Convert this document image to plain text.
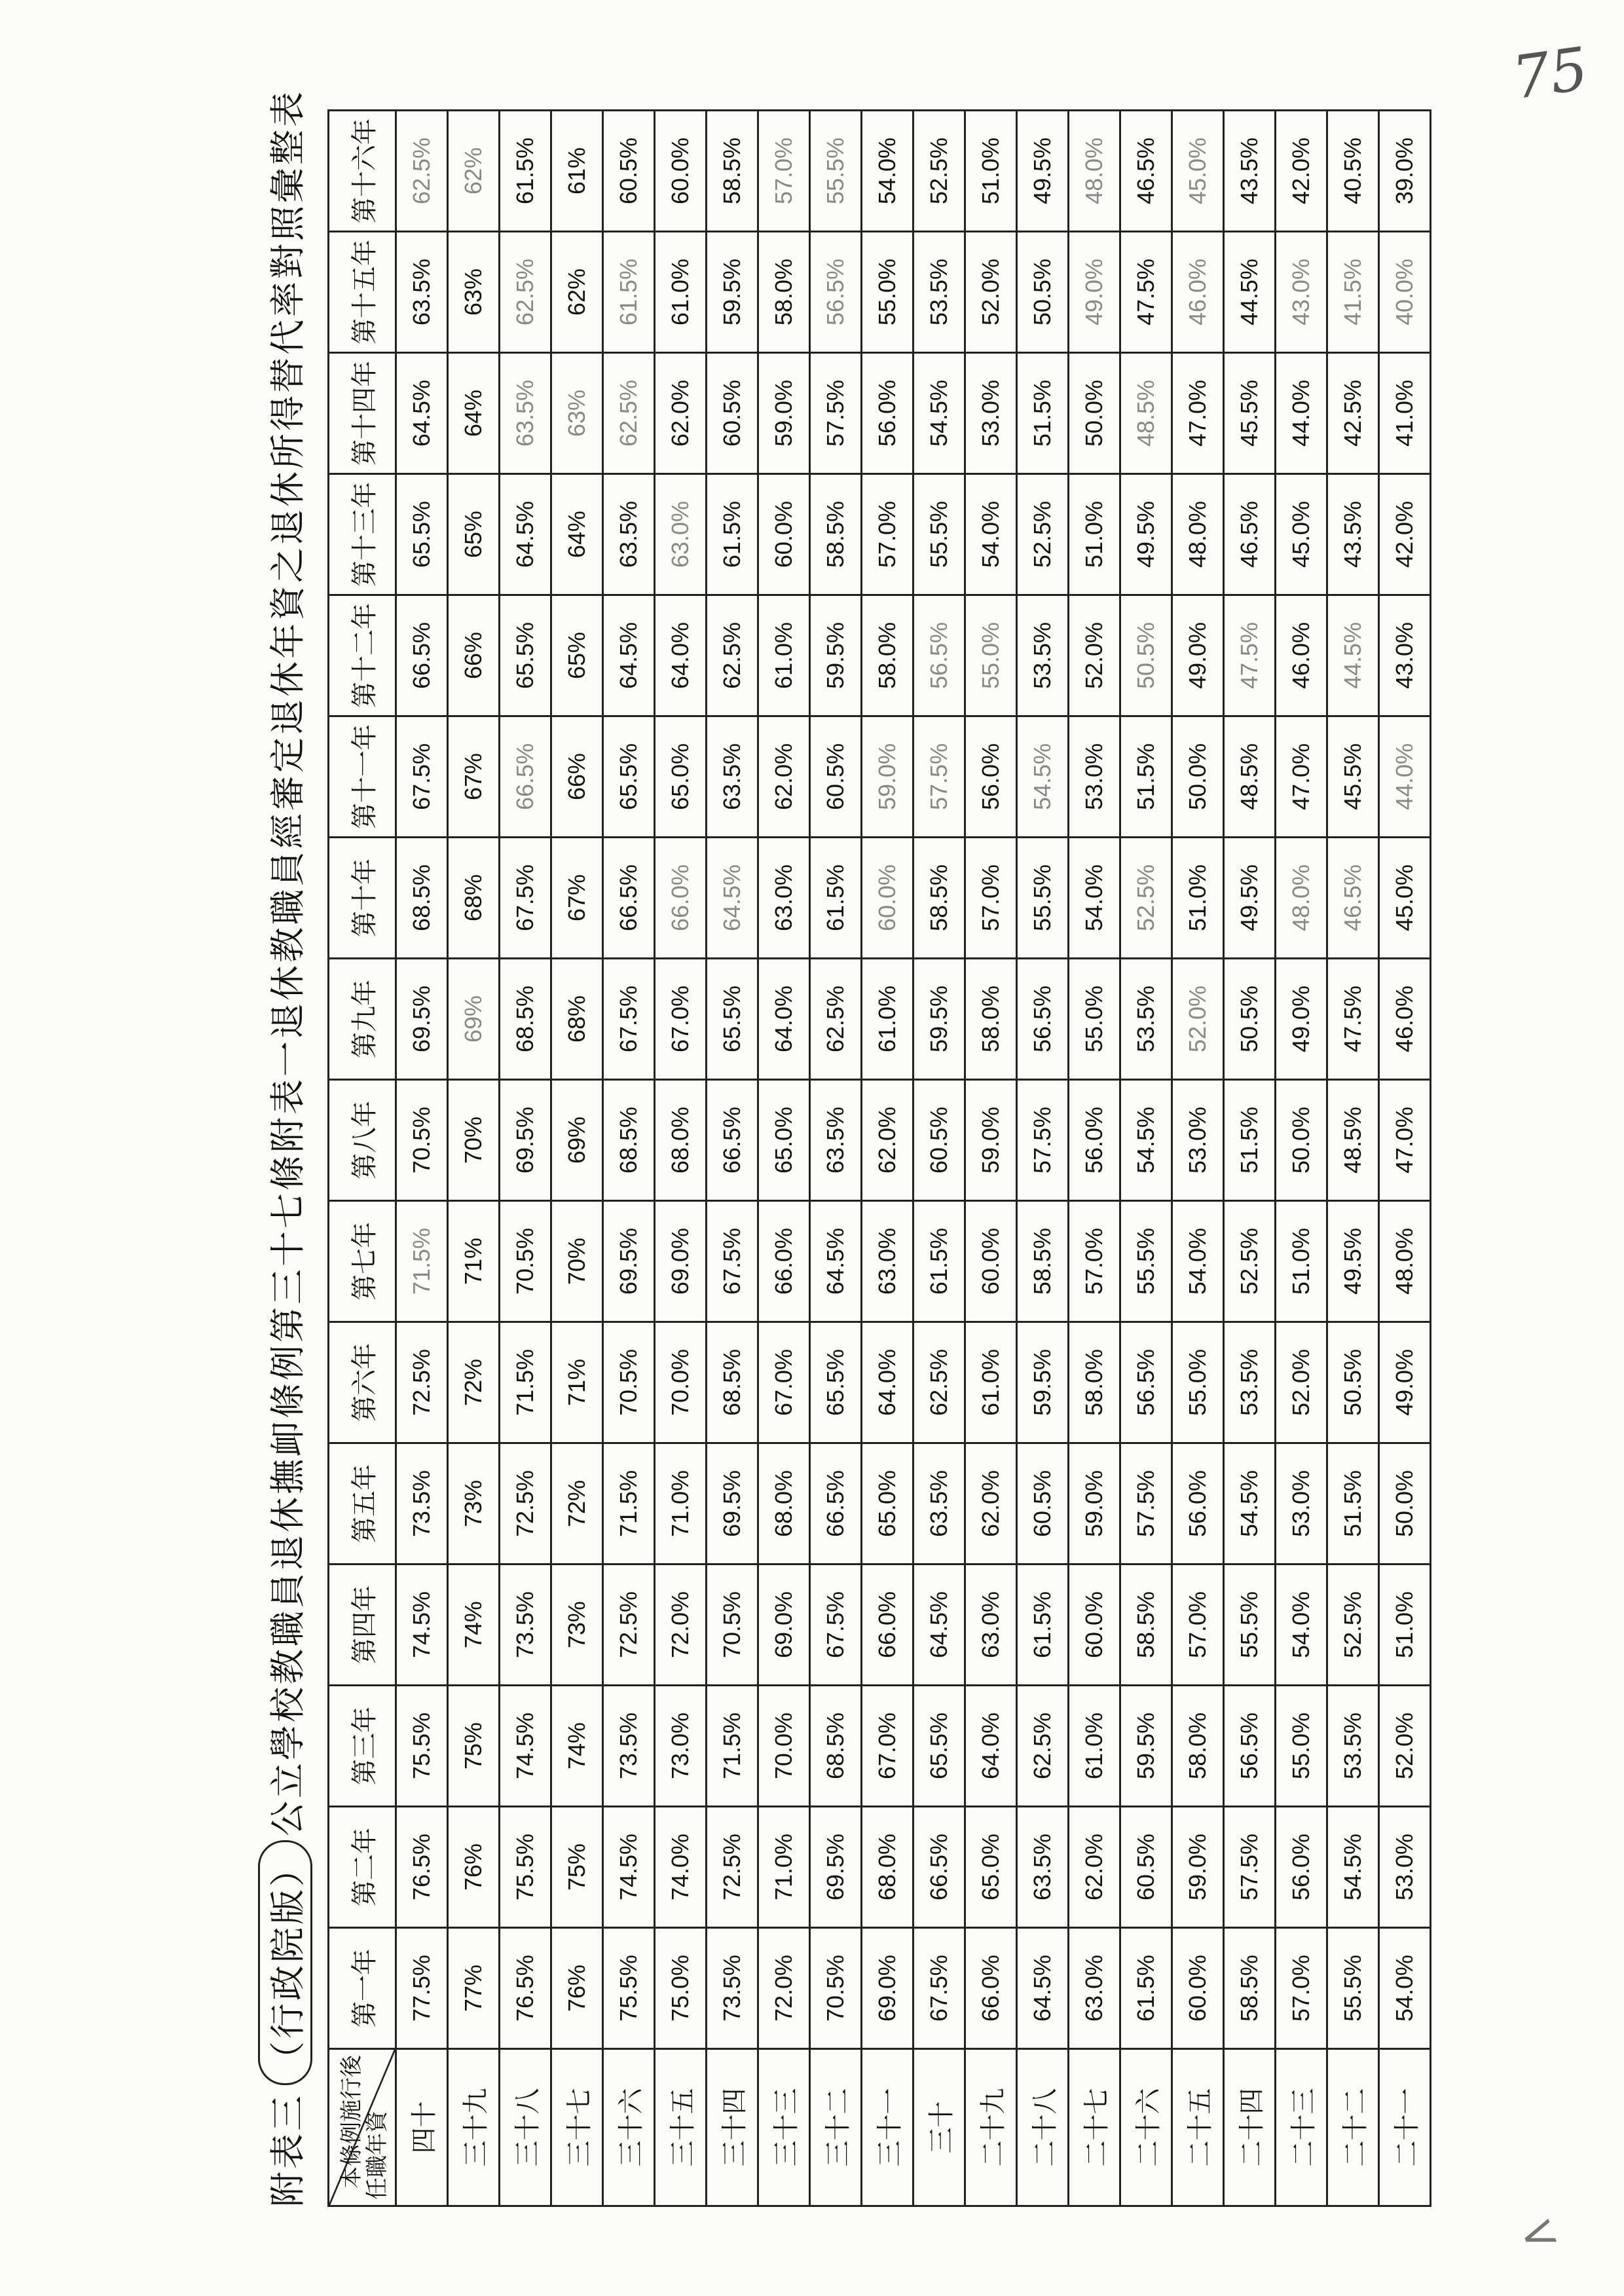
75
<
附表三
（行政院版）
公立學校教職員退休撫卹條例第三十七條附表一退休教職員經審定退休年資之退休所得替代率對照彙整表
本條例施行後 任職年資	第一年	第二年	第三年	第四年	第五年	第六年	第七年	第八年	第九年	第十年	第十一年	第十二年	第十三年	第十四年	第十五年	第十六年
四十	77.5%	76.5%	75.5%	74.5%	73.5%	72.5%	71.5%	70.5%	69.5%	68.5%	67.5%	66.5%	65.5%	64.5%	63.5%	62.5%
三十九	77%	76%	75%	74%	73%	72%	71%	70%	69%	68%	67%	66%	65%	64%	63%	62%
三十八	76.5%	75.5%	74.5%	73.5%	72.5%	71.5%	70.5%	69.5%	68.5%	67.5%	66.5%	65.5%	64.5%	63.5%	62.5%	61.5%
三十七	76%	75%	74%	73%	72%	71%	70%	69%	68%	67%	66%	65%	64%	63%	62%	61%
三十六	75.5%	74.5%	73.5%	72.5%	71.5%	70.5%	69.5%	68.5%	67.5%	66.5%	65.5%	64.5%	63.5%	62.5%	61.5%	60.5%
三十五	75.0%	74.0%	73.0%	72.0%	71.0%	70.0%	69.0%	68.0%	67.0%	66.0%	65.0%	64.0%	63.0%	62.0%	61.0%	60.0%
三十四	73.5%	72.5%	71.5%	70.5%	69.5%	68.5%	67.5%	66.5%	65.5%	64.5%	63.5%	62.5%	61.5%	60.5%	59.5%	58.5%
三十三	72.0%	71.0%	70.0%	69.0%	68.0%	67.0%	66.0%	65.0%	64.0%	63.0%	62.0%	61.0%	60.0%	59.0%	58.0%	57.0%
三十二	70.5%	69.5%	68.5%	67.5%	66.5%	65.5%	64.5%	63.5%	62.5%	61.5%	60.5%	59.5%	58.5%	57.5%	56.5%	55.5%
三十一	69.0%	68.0%	67.0%	66.0%	65.0%	64.0%	63.0%	62.0%	61.0%	60.0%	59.0%	58.0%	57.0%	56.0%	55.0%	54.0%
三十	67.5%	66.5%	65.5%	64.5%	63.5%	62.5%	61.5%	60.5%	59.5%	58.5%	57.5%	56.5%	55.5%	54.5%	53.5%	52.5%
二十九	66.0%	65.0%	64.0%	63.0%	62.0%	61.0%	60.0%	59.0%	58.0%	57.0%	56.0%	55.0%	54.0%	53.0%	52.0%	51.0%
二十八	64.5%	63.5%	62.5%	61.5%	60.5%	59.5%	58.5%	57.5%	56.5%	55.5%	54.5%	53.5%	52.5%	51.5%	50.5%	49.5%
二十七	63.0%	62.0%	61.0%	60.0%	59.0%	58.0%	57.0%	56.0%	55.0%	54.0%	53.0%	52.0%	51.0%	50.0%	49.0%	48.0%
二十六	61.5%	60.5%	59.5%	58.5%	57.5%	56.5%	55.5%	54.5%	53.5%	52.5%	51.5%	50.5%	49.5%	48.5%	47.5%	46.5%
二十五	60.0%	59.0%	58.0%	57.0%	56.0%	55.0%	54.0%	53.0%	52.0%	51.0%	50.0%	49.0%	48.0%	47.0%	46.0%	45.0%
二十四	58.5%	57.5%	56.5%	55.5%	54.5%	53.5%	52.5%	51.5%	50.5%	49.5%	48.5%	47.5%	46.5%	45.5%	44.5%	43.5%
二十三	57.0%	56.0%	55.0%	54.0%	53.0%	52.0%	51.0%	50.0%	49.0%	48.0%	47.0%	46.0%	45.0%	44.0%	43.0%	42.0%
二十二	55.5%	54.5%	53.5%	52.5%	51.5%	50.5%	49.5%	48.5%	47.5%	46.5%	45.5%	44.5%	43.5%	42.5%	41.5%	40.5%
二十一	54.0%	53.0%	52.0%	51.0%	50.0%	49.0%	48.0%	47.0%	46.0%	45.0%	44.0%	43.0%	42.0%	41.0%	40.0%	39.0%
